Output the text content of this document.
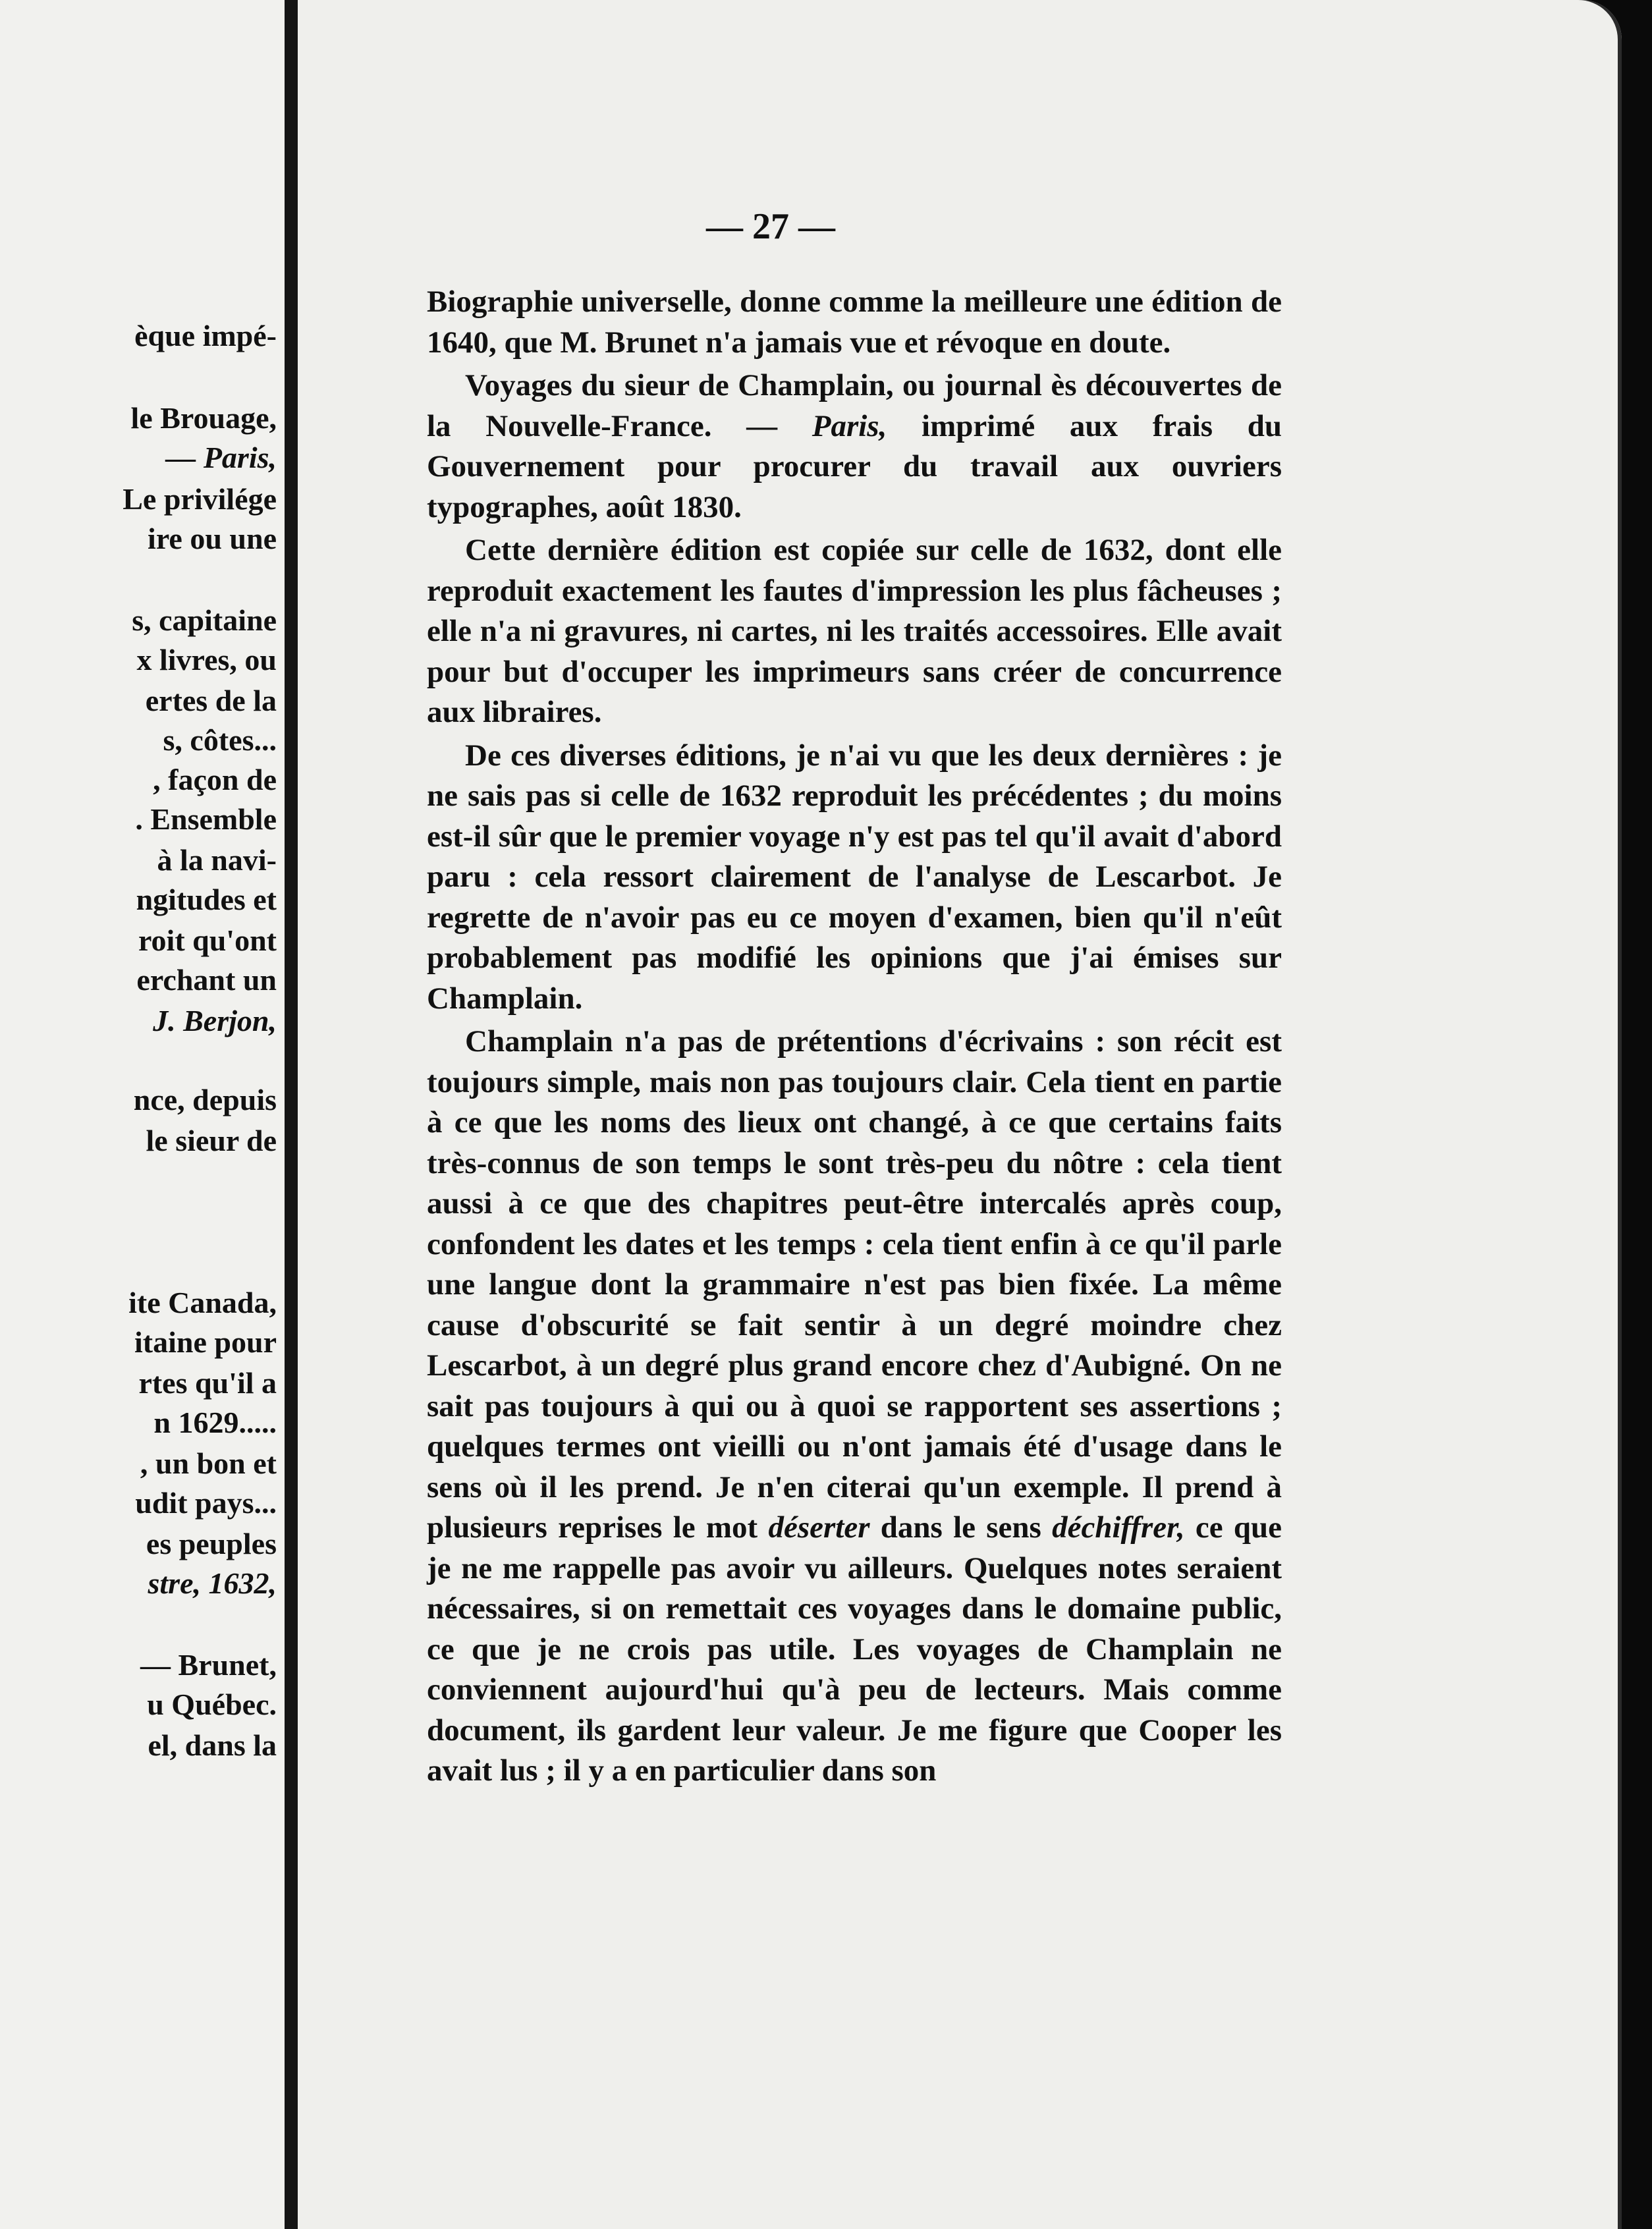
èque impé-
le Brouage,
— Paris,
Le privilége
ire ou une
s, capitaine
x livres, ou
ertes de la
s, côtes...
, façon de
. Ensemble
à la navi-
ngitudes et
roit qu'ont
erchant un
J. Berjon,
nce, depuis
le sieur de
ite Canada,
itaine pour
rtes qu'il a
n 1629.....
, un bon et
udit pays...
es peuples
stre, 1632,
— Brunet,
u Québec.
el, dans la
— 27 —

Biographie universelle, donne comme la meilleure une édition de 1640, que M. Brunet n'a jamais vue et révoque en doute.

Voyages du sieur de Champlain, ou journal ès découvertes de la Nouvelle-France. — Paris, imprimé aux frais du Gouvernement pour procurer du travail aux ouvriers typographes, août 1830.

Cette dernière édition est copiée sur celle de 1632, dont elle reproduit exactement les fautes d'impression les plus fâcheuses ; elle n'a ni gravures, ni cartes, ni les traités accessoires. Elle avait pour but d'occuper les imprimeurs sans créer de concurrence aux libraires.

De ces diverses éditions, je n'ai vu que les deux dernières : je ne sais pas si celle de 1632 reproduit les précédentes ; du moins est-il sûr que le premier voyage n'y est pas tel qu'il avait d'abord paru : cela ressort clairement de l'analyse de Lescarbot. Je regrette de n'avoir pas eu ce moyen d'examen, bien qu'il n'eût probablement pas modifié les opinions que j'ai émises sur Champlain.

Champlain n'a pas de prétentions d'écrivains : son récit est toujours simple, mais non pas toujours clair. Cela tient en partie à ce que les noms des lieux ont changé, à ce que certains faits très-connus de son temps le sont très-peu du nôtre : cela tient aussi à ce que des chapitres peut-être intercalés après coup, confondent les dates et les temps : cela tient enfin à ce qu'il parle une langue dont la grammaire n'est pas bien fixée. La même cause d'obscurité se fait sentir à un degré moindre chez Lescarbot, à un degré plus grand encore chez d'Aubigné. On ne sait pas toujours à qui ou à quoi se rapportent ses assertions ; quelques termes ont vieilli ou n'ont jamais été d'usage dans le sens où il les prend. Je n'en citerai qu'un exemple. Il prend à plusieurs reprises le mot déserter dans le sens déchiffrer, ce que je ne me rappelle pas avoir vu ailleurs. Quelques notes seraient nécessaires, si on remettait ces voyages dans le domaine public, ce que je ne crois pas utile. Les voyages de Champlain ne conviennent aujourd'hui qu'à peu de lecteurs. Mais comme document, ils gardent leur valeur. Je me figure que Cooper les avait lus ; il y a en particulier dans son
